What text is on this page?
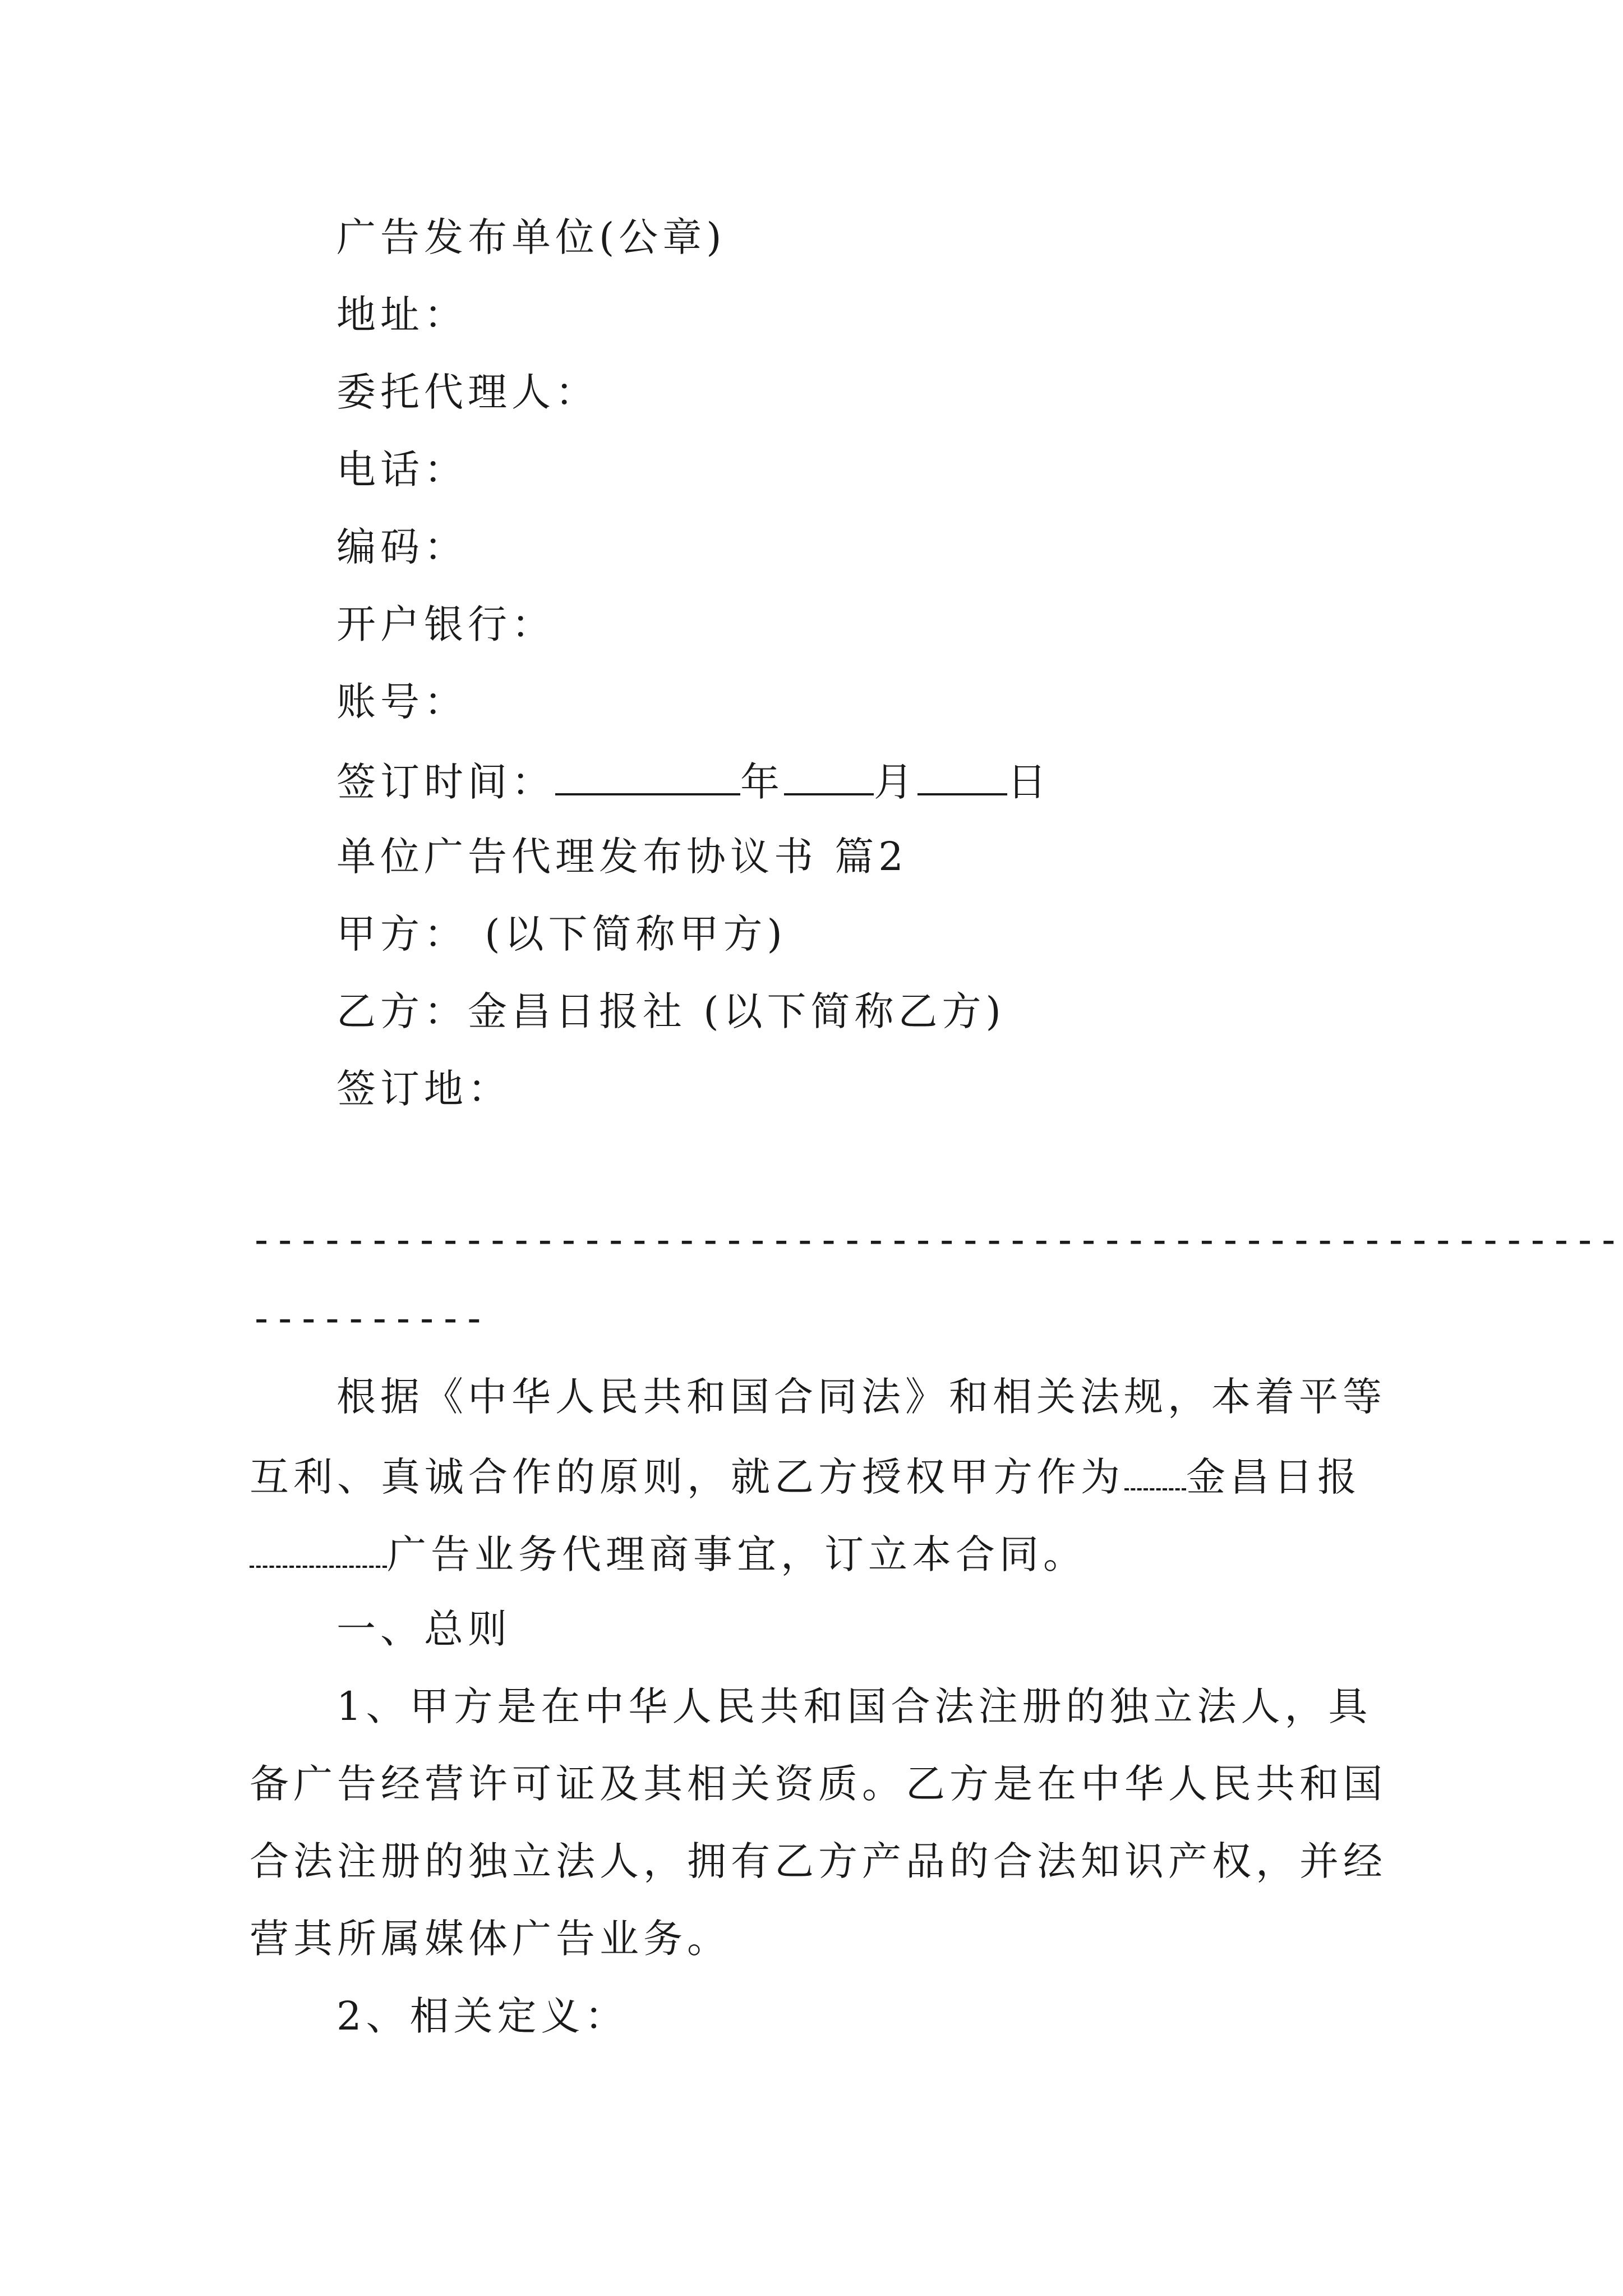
广告发布单位(公章)
地址：
委托代理人：
电话：
编码：
开户银行：
账号：
签订时间：	年 月 日
单位广告代理发布协议书 篇2
甲方： (以下简称甲方)
乙方：金昌日报社 (以下简称乙方)
签订地：
----------------------------------------------------------
----------
根据《中华人民共和国合同法》和相关法规，本着平等
互利、真诚合作的原则，就乙方授权甲方作为 金昌日报
广告业务代理商事宜，订立本合同。
一、总则
1、甲方是在中华人民共和国合法注册的独立法人，具
备广告经营许可证及其相关资质。乙方是在中华人民共和国
合法注册的独立法人，拥有乙方产品的合法知识产权，并经
营其所属媒体广告业务。
2、相关定义：
